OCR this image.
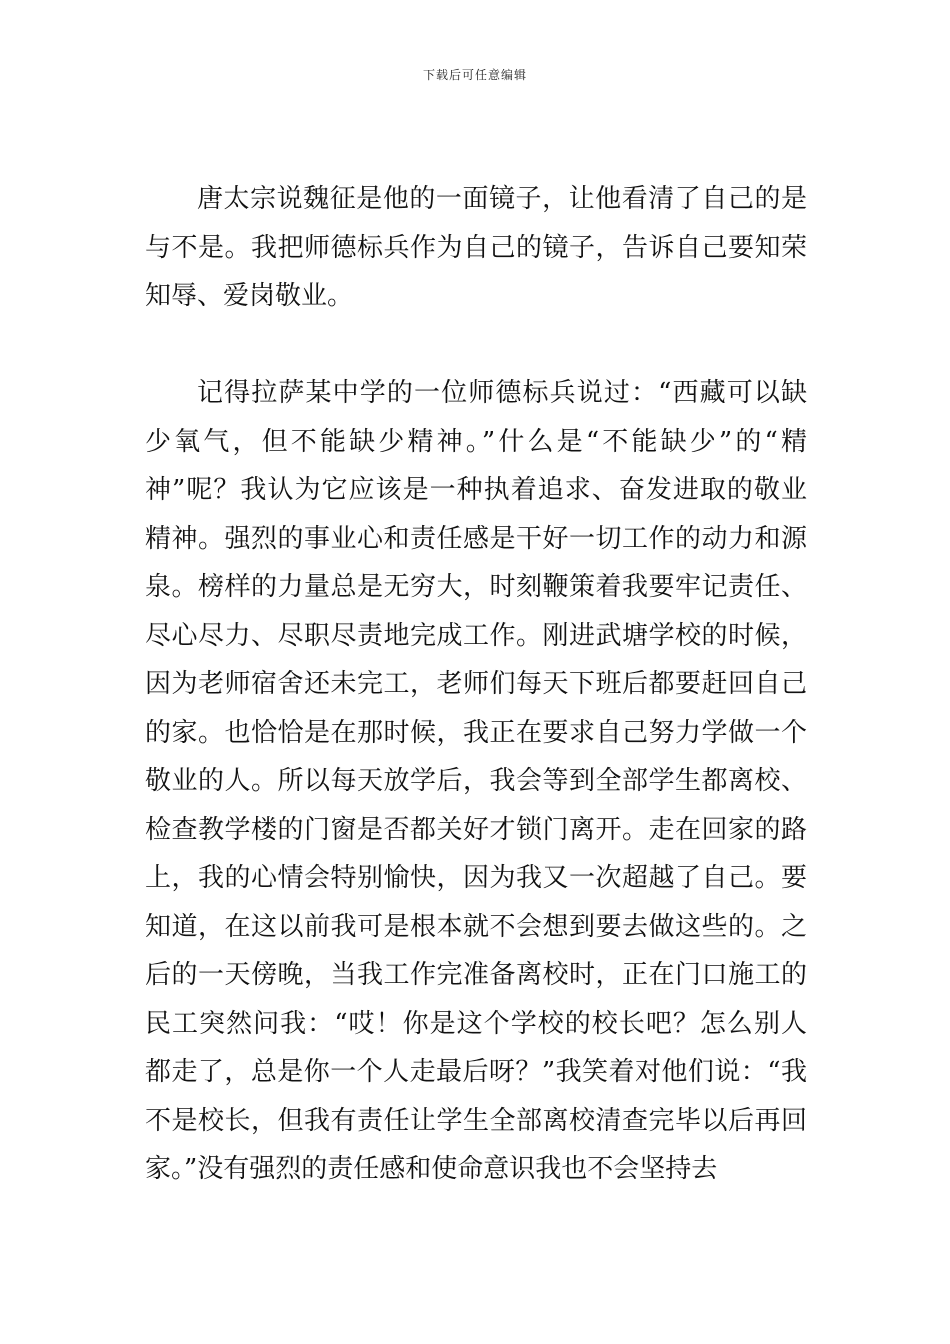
下载后可任意编辑

唐太宗说魏征是他的一面镜子，让他看清了自己的是与不是。我把师德标兵作为自己的镜子，告诉自己要知荣知辱、爱岗敬业。

记得拉萨某中学的一位师德标兵说过：“西藏可以缺少氧气，但不能缺少精神。”什么是“不能缺少”的“精神”呢？我认为它应该是一种执着追求、奋发进取的敬业精神。强烈的事业心和责任感是干好一切工作的动力和源泉。榜样的力量总是无穷大，时刻鞭策着我要牢记责任、尽心尽力、尽职尽责地完成工作。刚进武塘学校的时候，因为老师宿舍还未完工，老师们每天下班后都要赶回自己的家。也恰恰是在那时候，我正在要求自己努力学做一个敬业的人。所以每天放学后，我会等到全部学生都离校、检查教学楼的门窗是否都关好才锁门离开。走在回家的路上，我的心情会特别愉快，因为我又一次超越了自己。要知道，在这以前我可是根本就不会想到要去做这些的。之后的一天傍晚，当我工作完准备离校时，正在门口施工的民工突然问我：“哎！你是这个学校的校长吧？怎么别人都走了，总是你一个人走最后呀？”我笑着对他们说：“我不是校长，但我有责任让学生全部离校清查完毕以后再回家。”没有强烈的责任感和使命意识我也不会坚持去
